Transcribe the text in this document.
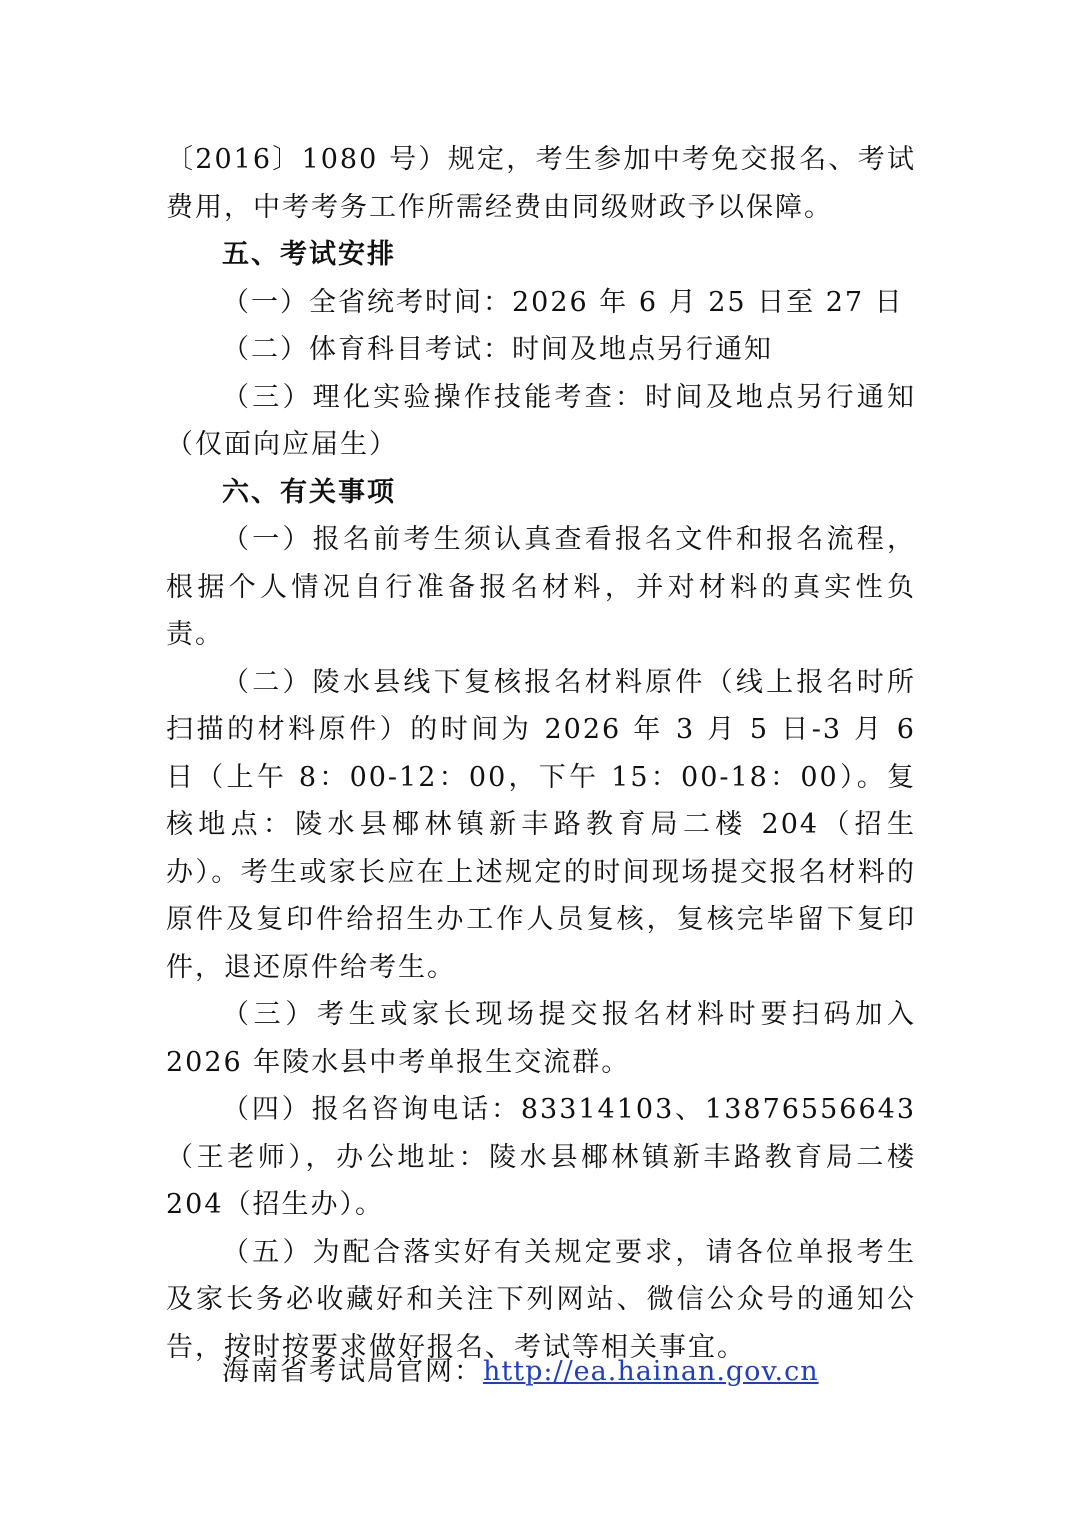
〔2016〕1080 号）规定，考生参加中考免交报名、考试费用，中考考务工作所需经费由同级财政予以保障。

五、考试安排

（一）全省统考时间：2026 年 6 月 25 日至 27 日

（二）体育科目考试：时间及地点另行通知

（三）理化实验操作技能考查：时间及地点另行通知（仅面向应届生）

六、有关事项

（一）报名前考生须认真查看报名文件和报名流程，根据个人情况自行准备报名材料，并对材料的真实性负责。

（二）陵水县线下复核报名材料原件（线上报名时所扫描的材料原件）的时间为 2026 年 3 月 5 日-3 月 6 日（上午 8：00-12：00，下午 15：00-18：00）。复核地点：陵水县椰林镇新丰路教育局二楼 204（招生办）。考生或家长应在上述规定的时间现场提交报名材料的原件及复印件给招生办工作人员复核，复核完毕留下复印件，退还原件给考生。

（三）考生或家长现场提交报名材料时要扫码加入 2026 年陵水县中考单报生交流群。

（四）报名咨询电话：83314103、13876556643（王老师），办公地址：陵水县椰林镇新丰路教育局二楼 204（招生办）。

（五）为配合落实好有关规定要求，请各位单报考生及家长务必收藏好和关注下列网站、微信公众号的通知公告，按时按要求做好报名、考试等相关事宜。

海南省考试局官网：http://ea.hainan.gov.cn
